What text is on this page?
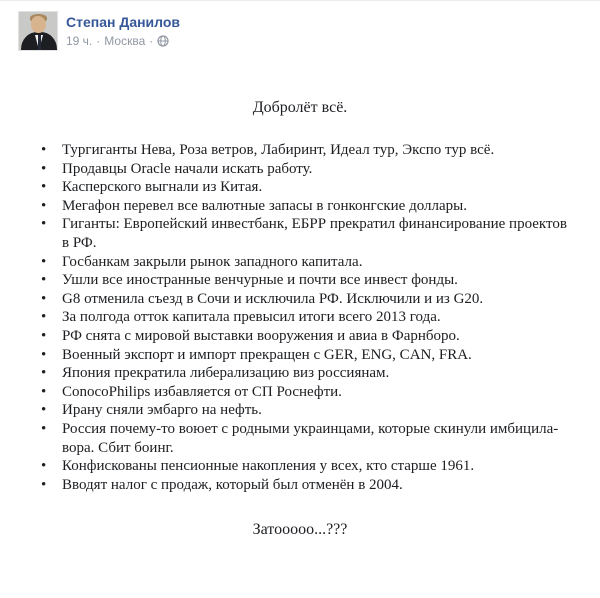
Степан Данилов
19 ч. · Москва ·
Добролёт всё.
• Тургиганты Нева, Роза ветров, Лабиринт, Идеал тур, Экспо тур всё.
• Продавцы Oracle начали искать работу.
• Касперского выгнали из Китая.
• Мегафон перевел все валютные запасы в гонконгские доллары.
• Гиганты: Европейский инвестбанк, ЕБРР прекратил финансирование проектов в РФ.
• Госбанкам закрыли рынок западного капитала.
• Ушли все иностранные венчурные и почти все инвест фонды.
• G8 отменила съезд в Сочи и исключила РФ. Исключили и из G20.
• За полгода отток капитала превысил итоги всего 2013 года.
• РФ снята с мировой выставки вооружения и авиа в Фарнборо.
• Военный экспорт и импорт прекращен с GER, ENG, CAN, FRA.
• Япония прекратила либерализацию виз россиянам.
• ConocoPhilips избавляется от СП Роснефти.
• Ирану сняли эмбарго на нефть.
• Россия почему-то воюет с родными украинцами, которые скинули имбицила-вора. Сбит боинг.
• Конфискованы пенсионные накопления у всех, кто старше 1961.
• Вводят налог с продаж, который был отменён в 2004.
Затооооо...???
